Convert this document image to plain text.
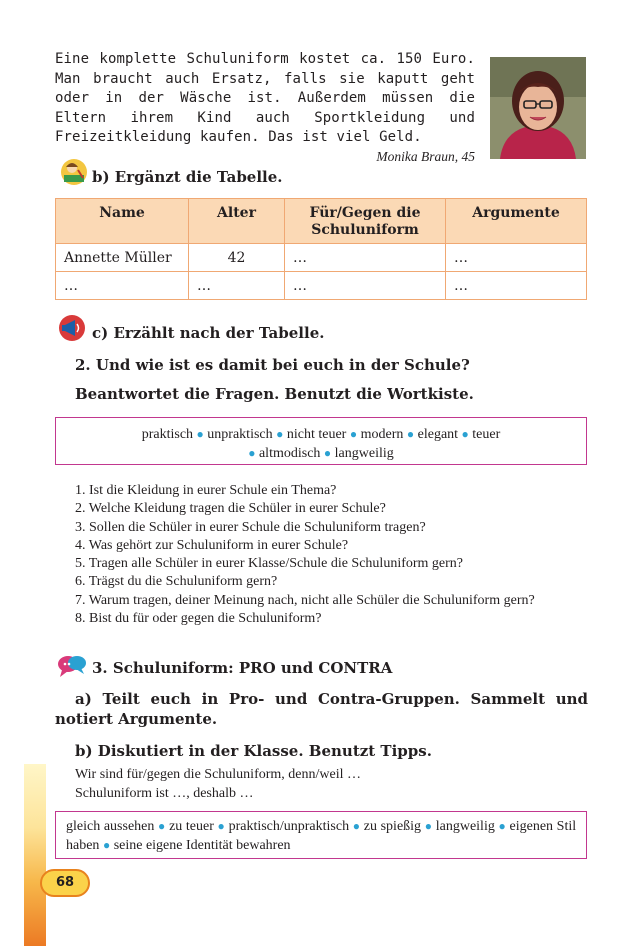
Eine komplette Schuluniform kostet ca. 150 Euro. Man braucht auch Ersatz, falls sie kaputt geht oder in der Wäsche ist. Außerdem müssen die Eltern ihrem Kind auch Sportkleidung und Freizeitkleidung kaufen. Das ist viel Geld.

Monika Braun, 45

b) Ergänzt die Tabelle.
Name	Alter	Für/Gegen die Schuluniform	Argumente
Annette Müller	42	…	…
…	…	…	…
c) Erzählt nach der Tabelle.
2. Und wie ist es damit bei euch in der Schule?
Beantwortet die Fragen. Benutzt die Wortkiste.
praktisch ● unpraktisch ● nicht teuer ● modern ● elegant ● teuer
● altmodisch ● langweilig
1. Ist die Kleidung in eurer Schule ein Thema?
2. Welche Kleidung tragen die Schüler in eurer Schule?
3. Sollen die Schüler in eurer Schule die Schuluniform tragen?
4. Was gehört zur Schuluniform in eurer Schule?
5. Tragen alle Schüler in eurer Klasse/Schule die Schuluniform gern?
6. Trägst du die Schuluniform gern?
7. Warum tragen, deiner Meinung nach, nicht alle Schüler die Schuluniform gern?
8. Bist du für oder gegen die Schuluniform?
3. Schuluniform: PRO und CONTRA

a) Teilt euch in Pro- und Contra-Gruppen. Sammelt und notiert Argumente.

b) Diskutiert in der Klasse. Benutzt Tipps.

Wir sind für/gegen die Schuluniform, denn/weil …

Schuluniform ist …, deshalb …

gleich aussehen ● zu teuer ● praktisch/unpraktisch ● zu spießig ● langweilig ● eigenen Stil haben ● seine eigene Identität bewahren
68
